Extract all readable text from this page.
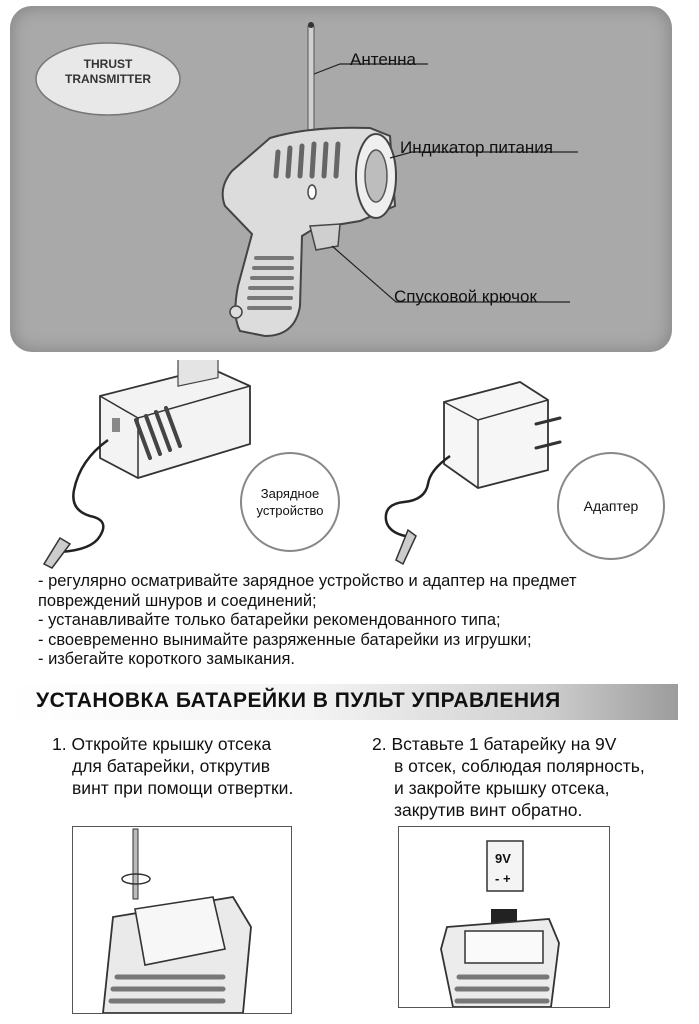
THRUST
TRANSMITTER
Антенна
Индикатор питания
Спусковой крючок
Зарядное
устройство	Адаптер
- регулярно осматривайте зарядное устройство и адаптер на предмет
повреждений шнуров и соединений;
- устанавливайте только батарейки рекомендованного типа;
- своевременно вынимайте разряженные батарейки из игрушки;
- избегайте короткого замыкания.
УСТАНОВКА БАТАРЕЙКИ В ПУЛЬТ УПРАВЛЕНИЯ
1. Откройте крышку отсека
для батарейки, открутив
винт при помощи отвертки.
2. Вставьте 1 батарейку на 9V
в отсек, соблюдая полярность,
и закройте крышку отсека,
закрутив винт обратно.
9V
- +
